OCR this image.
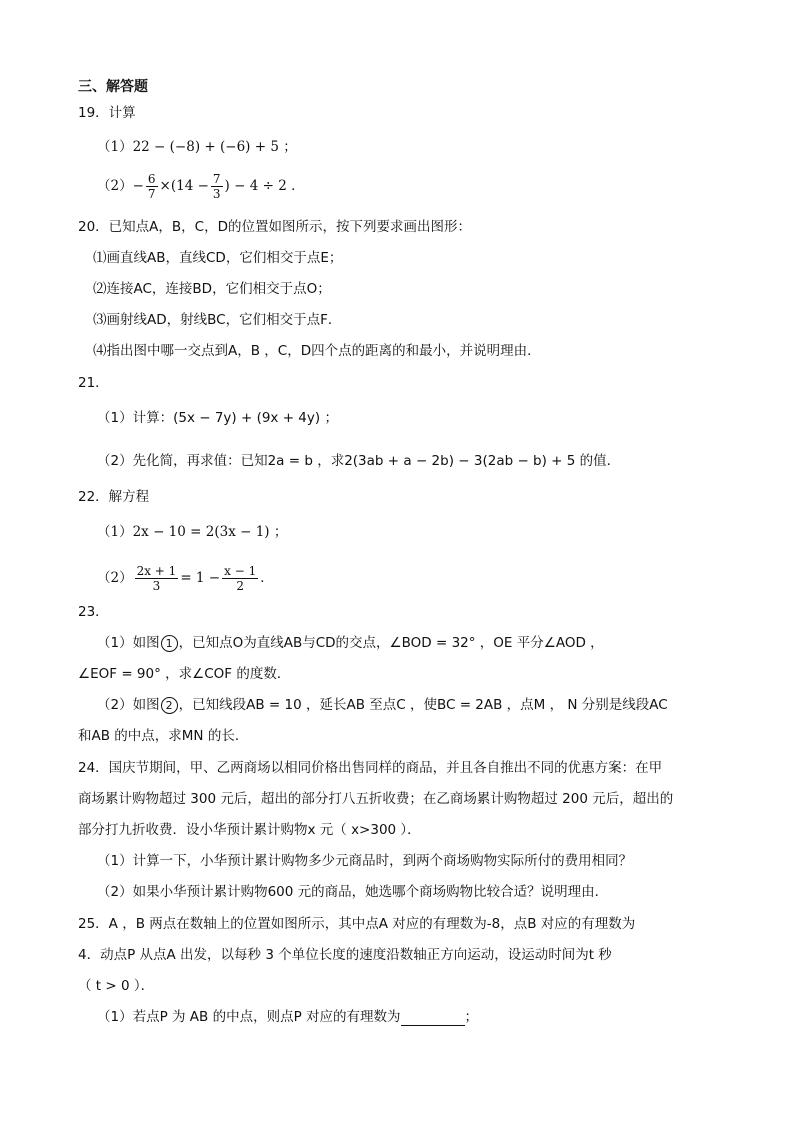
三、解答题
19．计算
（1）22 − (−8) + (−6) + 5 ；
$(2)- \frac{6}{7} \times(14 - \frac{7}{3}$ ) − 4 ÷ 2 ．
20．已知点A，B，C，D的位置如图所示，按下列要求画出图形：
⑴画直线AB，直线CD，它们相交于点E；
⑵连接AC，连接BD，它们相交于点O；
⑶画射线AD，射线BC，它们相交于点F．
⑷指出图中哪一交点到A，B ，C，D四个点的距离的和最小，并说明理由．
21．
（1）计算：(5x − 7y) + (9x + 4y) ；
（2）先化简，再求值：已知2a = b ，求2(3ab + a − 2b) − 3(2ab − b) + 5 的值．
22．解方程
（1）2x − 10 = 2(3x − 1) ；
$(2) \frac{2x + 1}{3} = 1 - \frac{x - 1}{2}$ ．
23．
（1）如图 1 ，已知点O为直线AB与CD的交点，∠BOD = 32° ，OE 平分∠AOD ，
∠EOF = 90° ，求∠COF 的度数．
（2）如图 2 ，已知线段AB = 10 ，延长AB 至点C ，使BC = 2AB ，点M ， N 分别是线段AC
和AB 的中点，求MN 的长．
24．国庆节期间，甲、乙两商场以相同价格出售同样的商品，并且各自推出不同的优惠方案：在甲
商场累计购物超过 300 元后，超出的部分打八五折收费；在乙商场累计购物超过 200 元后，超出的
部分打九折收费．设小华预计累计购物x 元（ x>300 ）．
（1）计算一下，小华预计累计购物多少元商品时，到两个商场购物实际所付的费用相同？
（2）如果小华预计累计购物600 元的商品，她选哪个商场购物比较合适？说明理由．
25．A ，B 两点在数轴上的位置如图所示，其中点A 对应的有理数为-8，点B 对应的有理数为
4．动点P 从点A 出发，以每秒 3 个单位长度的速度沿数轴正方向运动，设运动时间为t 秒
（ t > 0 ）．
（1）若点P 为 AB 的中点，则点P 对应的有理数为	；
